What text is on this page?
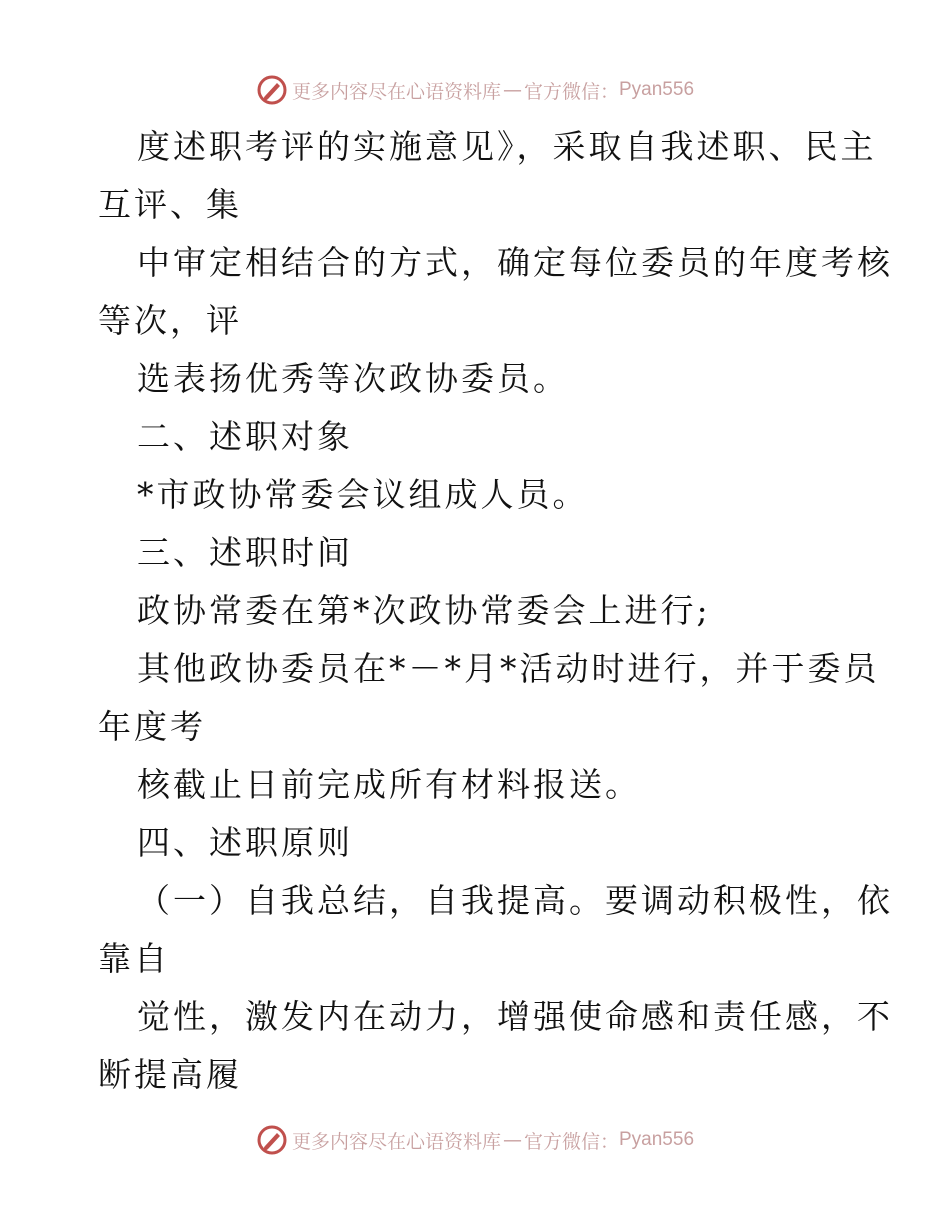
更多内容尽在心语资料库 — 官方微信： Pyan556
度述职考评的实施意见》，采取自我述职、民主
互评、集
中审定相结合的方式，确定每位委员的年度考核
等次，评
选表扬优秀等次政协委员。
二、述职对象
*市政协常委会议组成人员。
三、述职时间
政协常委在第*次政协常委会上进行;
其他政协委员在*－*月*活动时进行，并于委员
年度考
核截止日前完成所有材料报送。
四、述职原则
（一）自我总结，自我提高。要调动积极性，依
靠自
觉性，激发内在动力，增强使命感和责任感，不
断提高履
更多内容尽在心语资料库 — 官方微信： Pyan556
